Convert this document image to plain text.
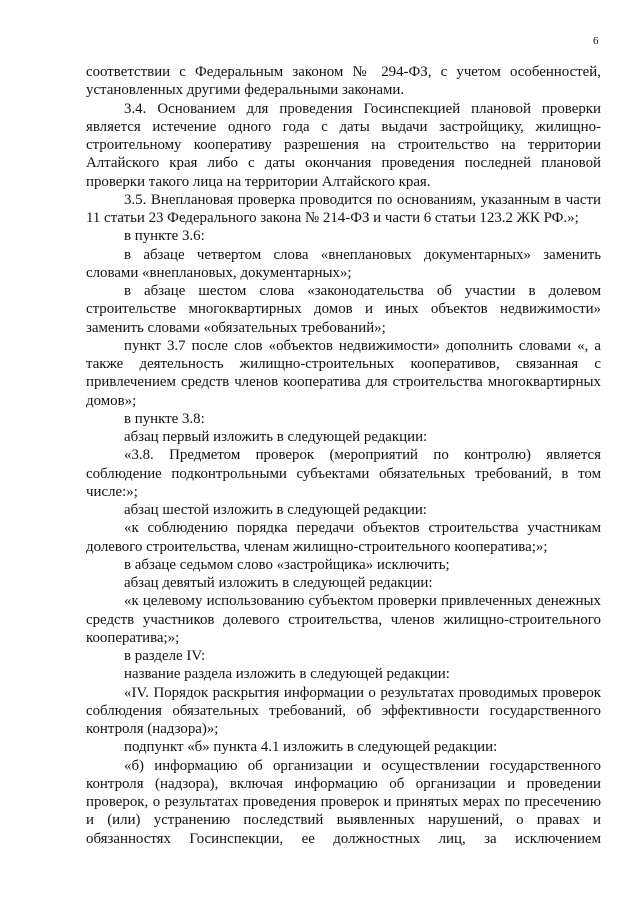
6

соответствии с Федеральным законом № 294-ФЗ, с учетом особенностей, установленных другими федеральными законами.

3.4. Основанием для проведения Госинспекцией плановой проверки является истечение одного года с даты выдачи застройщику, жилищно-строительному кооперативу разрешения на строительство на территории Алтайского края либо с даты окончания проведения последней плановой проверки такого лица на территории Алтайского края.

3.5. Внеплановая проверка проводится по основаниям, указанным в части 11 статьи 23 Федерального закона № 214-ФЗ и части 6 статьи 123.2 ЖК РФ.»;

в пункте 3.6:

в абзаце четвертом слова «внеплановых документарных» заменить словами «внеплановых, документарных»;

в абзаце шестом слова «законодательства об участии в долевом строительстве многоквартирных домов и иных объектов недвижимости» заменить словами «обязательных требований»;

пункт 3.7 после слов «объектов недвижимости» дополнить словами «, а также деятельность жилищно-строительных кооперативов, связанная с привлечением средств членов кооператива для строительства многоквартирных домов»;

в пункте 3.8:

абзац первый изложить в следующей редакции:

«3.8. Предметом проверок (мероприятий по контролю) является соблюдение подконтрольными субъектами обязательных требований, в том числе:»;

абзац шестой изложить в следующей редакции:

«к соблюдению порядка передачи объектов строительства участникам долевого строительства, членам жилищно-строительного кооператива;»;

в абзаце седьмом слово «застройщика» исключить;

абзац девятый изложить в следующей редакции:

«к целевому использованию субъектом проверки привлеченных денежных средств участников долевого строительства, членов жилищно-строительного кооператива;»;

в разделе IV:

название раздела изложить в следующей редакции:

«IV. Порядок раскрытия информации о результатах проводимых проверок соблюдения обязательных требований, об эффективности государственного контроля (надзора)»;

подпункт «б» пункта 4.1 изложить в следующей редакции:

«б) информацию об организации и осуществлении государственного контроля (надзора), включая информацию об организации и проведении проверок, о результатах проведения проверок и принятых мерах по пресечению и (или) устранению последствий выявленных нарушений, о правах и обязанностях Госинспекции, ее должностных лиц, за исключением
